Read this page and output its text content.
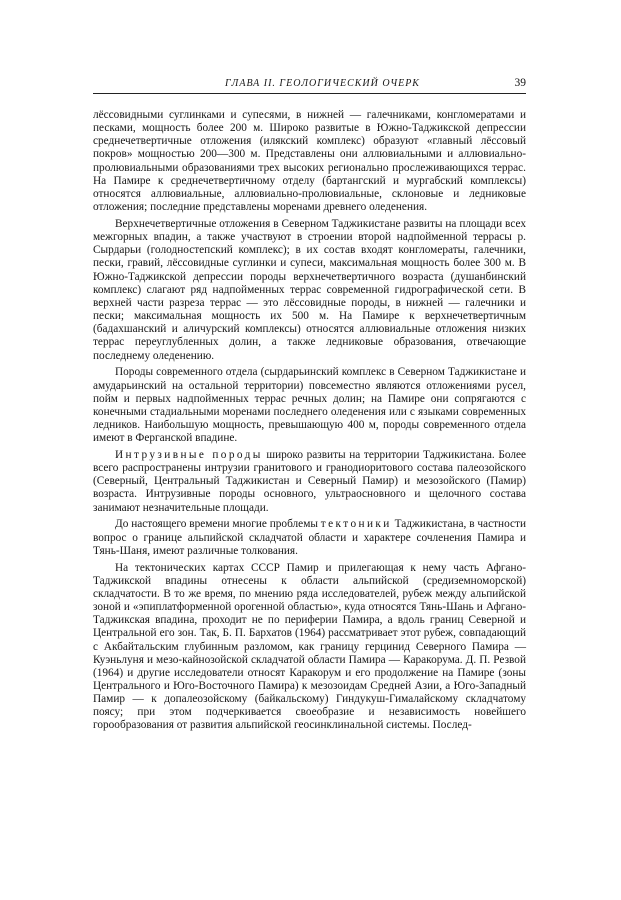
ГЛАВА II. ГЕОЛОГИЧЕСКИЙ ОЧЕРК	39

лёссовидными суглинками и супесями, в нижней — галечниками, конгломератами и песками, мощность более 200 м. Широко развитые в Южно-Таджикской депрессии среднечетвертичные отложения (илякский комплекс) образуют «главный лёссовый покров» мощностью 200—300 м. Представлены они аллювиальными и аллювиально-пролювиальными образованиями трех высоких регионально прослеживающихся террас. На Памире к среднечетвертичному отделу (бартангский и мургабский комплексы) относятся аллювиальные, аллювиально-пролювиальные, склоновые и ледниковые отложения; последние представлены моренами древнего оледенения.

Верхнечетвертичные отложения в Северном Таджикистане развиты на площади всех межгорных впадин, а также участвуют в строении второй надпойменной террасы р. Сырдарьи (голодностепский комплекс); в их состав входят конгломераты, галечники, пески, гравий, лёссовидные суглинки и супеси, максимальная мощность более 300 м. В Южно-Таджикской депрессии породы верхнечетвертичного возраста (душанбинский комплекс) слагают ряд надпойменных террас современной гидрографической сети. В верхней части разреза террас — это лёссовидные породы, в нижней — галечники и пески; максимальная мощность их 500 м. На Памире к верхнечетвертичным (бадахшанский и аличурский комплексы) относятся аллювиальные отложения низких террас переуглубленных долин, а также ледниковые образования, отвечающие последнему оледенению.

Породы современного отдела (сырдарьинский комплекс в Северном Таджикистане и амударьинский на остальной территории) повсеместно являются отложениями русел, пойм и первых надпойменных террас речных долин; на Памире они сопрягаются с конечными стадиальными моренами последнего оледенения или с языками современных ледников. Наибольшую мощность, превышающую 400 м, породы современного отдела имеют в Ферганской впадине.

Интрузивные породы широко развиты на территории Таджикистана. Более всего распространены интрузии гранитового и гранодиоритового состава палеозойского (Северный, Центральный Таджикистан и Северный Памир) и мезозойского (Памир) возраста. Интрузивные породы основного, ультраосновного и щелочного состава занимают незначительные площади.

До настоящего времени многие проблемы тектоники Таджикистана, в частности вопрос о границе альпийской складчатой области и характере сочленения Памира и Тянь-Шаня, имеют различные толкования.

На тектонических картах СССР Памир и прилегающая к нему часть Афгано-Таджикской впадины отнесены к области альпийской (средиземноморской) складчатости. В то же время, по мнению ряда исследователей, рубеж между альпийской зоной и «эпиплатформенной орогенной областью», куда относятся Тянь-Шань и Афгано-Таджикская впадина, проходит не по периферии Памира, а вдоль границ Северной и Центральной его зон. Так, Б. П. Бархатов (1964) рассматривает этот рубеж, совпадающий с Акбайтальским глубинным разломом, как границу герцинид Северного Памира — Куэньлуня и мезо-кайнозойской складчатой области Памира — Каракорума. Д. П. Резвой (1964) и другие исследователи относят Каракорум и его продолжение на Памире (зоны Центрального и Юго-Восточного Памира) к мезозоидам Средней Азии, а Юго-Западный Памир — к допалеозойскому (байкальскому) Гиндукуш-Гималайскому складчатому поясу; при этом подчеркивается своеобразие и независимость новейшего горообразования от развития альпийской геосинклинальной системы. Послед-
